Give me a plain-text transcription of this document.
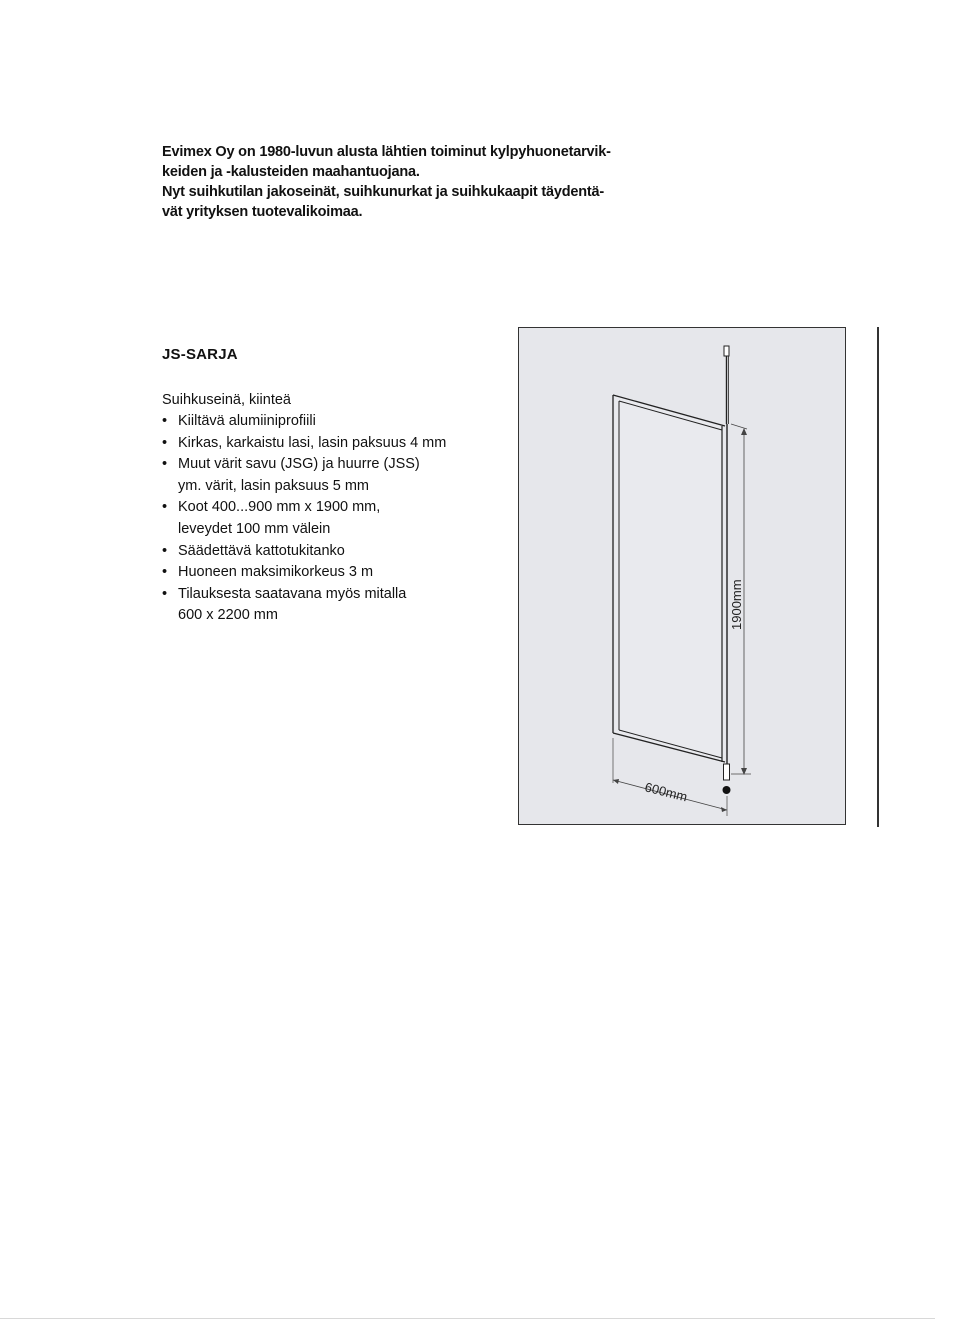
Evimex Oy on 1980-luvun alusta lähtien toiminut kylpyhuonetarvik-

keiden ja -kalusteiden maahantuojana.

Nyt suihkutilan jakoseinät, suihkunurkat ja suihkukaapit täydentä-

vät yrityksen tuotevalikoimaa.

JS-SARJA
Suihkuseinä, kiinteä
• Kiiltävä alumiiniprofiili
• Kirkas, karkaistu lasi, lasin paksuus 4 mm
• Muut värit savu (JSG) ja huurre (JSS)
ym. värit, lasin paksuus 5 mm
• Koot 400...900 mm x 1900 mm,
leveydet 100 mm välein
• Säädettävä kattotukitanko
• Huoneen maksimikorkeus 3 m
• Tilauksesta saatavana myös mitalla
600 x 2200 mm	1900mm
600mm
